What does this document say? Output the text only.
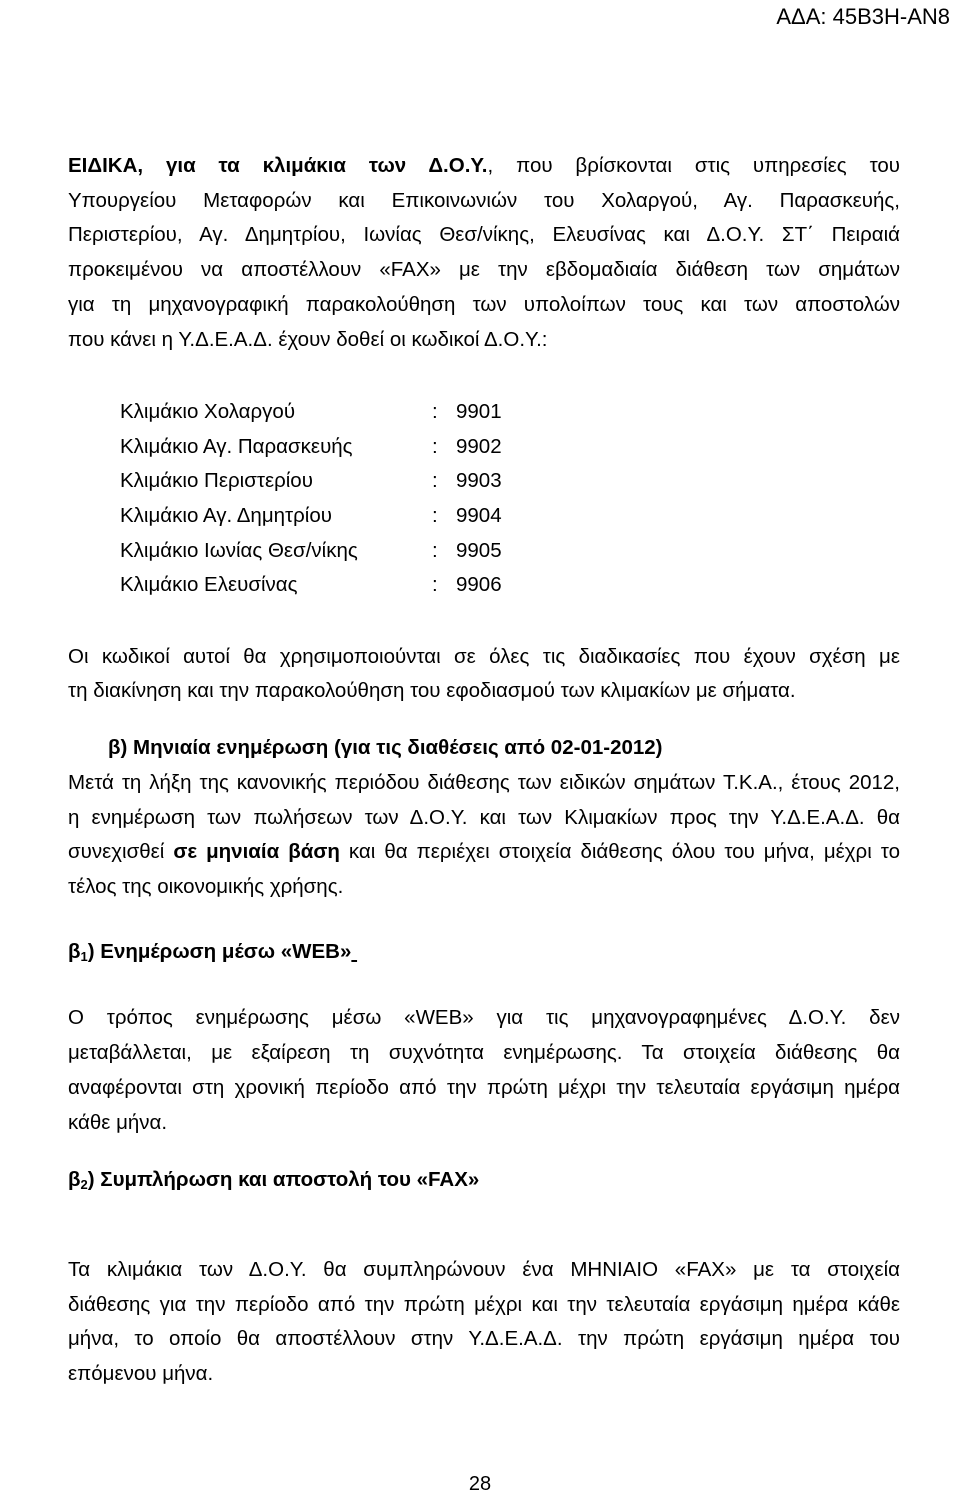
ΑΔΑ: 45Β3Η-ΑΝ8

ΕΙΔΙΚΑ, για τα κλιμάκια των Δ.Ο.Υ., που βρίσκονται στις υπηρεσίες του

Υπουργείου Μεταφορών και Επικοινωνιών του Χολαργού, Αγ. Παρασκευής,

Περιστερίου, Αγ. Δημητρίου, Ιωνίας Θεσ/νίκης, Ελευσίνας και Δ.Ο.Υ. ΣΤ΄ Πειραιά

προκειμένου να αποστέλλουν «FAX» με την εβδομαδιαία διάθεση των σημάτων

για τη μηχανογραφική παρακολούθηση των υπολοίπων τους και των αποστολών

που κάνει η Υ.Δ.Ε.Α.Δ. έχουν δοθεί οι κωδικοί Δ.Ο.Υ.:

Κλιμάκιο Χολαργού	: 9901
Κλιμάκιο Αγ. Παρασκευής	: 9902
Κλιμάκιο Περιστερίου	: 9903
Κλιμάκιο Αγ. Δημητρίου	: 9904
Κλιμάκιο Ιωνίας Θεσ/νίκης	: 9905
Κλιμάκιο Ελευσίνας	: 9906

Οι κωδικοί αυτοί θα χρησιμοποιούνται σε όλες τις διαδικασίες που έχουν σχέση με

τη διακίνηση και την παρακολούθηση του εφοδιασμού των κλιμακίων με σήματα.

β) Μηνιαία ενημέρωση (για τις διαθέσεις από 02-01-2012)

Μετά τη λήξη της κανονικής περιόδου διάθεσης των ειδικών σημάτων Τ.Κ.Α., έτους 2012,

η ενημέρωση των πωλήσεων των Δ.Ο.Υ. και των Κλιμακίων προς την Υ.Δ.Ε.Α.Δ. θα

συνεχισθεί σε μηνιαία βάση και θα περιέχει στοιχεία διάθεσης όλου του μήνα, μέχρι το

τέλος της οικονομικής χρήσης.

$\beta_1$) Ενημέρωση μέσω «WEB»

Ο τρόπος ενημέρωσης μέσω «WEB» για τις μηχανογραφημένες Δ.Ο.Υ. δεν

μεταβάλλεται, με εξαίρεση τη συχνότητα ενημέρωσης. Τα στοιχεία διάθεσης θα

αναφέρονται στη χρονική περίοδο από την πρώτη μέχρι την τελευταία εργάσιμη ημέρα

κάθε μήνα.

$\beta_2$) Συμπλήρωση και αποστολή του «FAX»

Τα κλιμάκια των Δ.Ο.Υ. θα συμπληρώνουν ένα ΜΗΝΙΑΙΟ «FAX» με τα στοιχεία

διάθεσης για την περίοδο από την πρώτη μέχρι και την τελευταία εργάσιμη ημέρα κάθε

μήνα, το οποίο θα αποστέλλουν στην Υ.Δ.Ε.Α.Δ. την πρώτη εργάσιμη ημέρα του

επόμενου μήνα.

28
